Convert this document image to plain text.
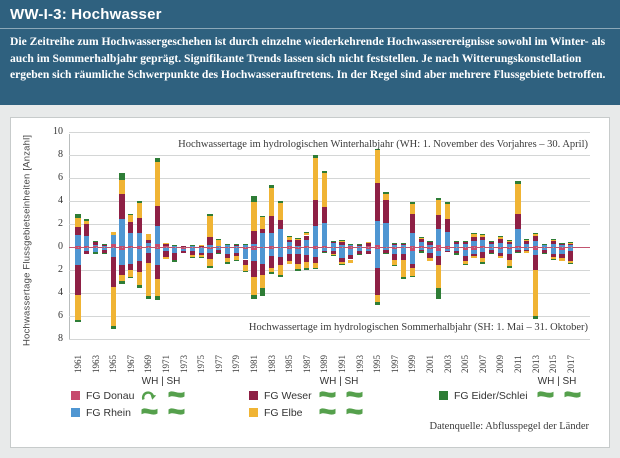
WW-I-3: Hochwasser

Die Zeitreihe zum Hochwassergeschehen ist durch einzelne wiederkehrende Hochwasserereignisse sowohl im Winter- als auch im Sommerhalbjahr geprägt. Signifikante Trends lassen sich nicht feststellen. Je nach Witterungskonstellation ergeben sich räumliche Schwerpunkte des Hochwasserauftretens. In der Regel sind aber mehrere Flussgebiete betroffen.

Hochwassertage Flussgebietseinheiten [Anzahl]
10
8
6
4
2
0
2
4
6
8
1961 1963 1965 1967 1969 1971 1973 1975 1977 1979 1981 1983 1985 1987 1989 1991 1993 1995 1997 1999 2001 2003 2005 2007 2009 2011 2013 2015 2017
Hochwassertage im hydrologischen Winterhalbjahr (WH: 1. November des Vorjahres – 30. April)
Hochwassertage im hydrologischen Sommerhalbjahr (SH: 1. Mai – 31. Oktober)
WH | SH
FG Donau
FG Rhein
WH | SH
FG Weser
FG Elbe
WH | SH
FG Eider/Schlei
Datenquelle: Abflusspegel der Länder
